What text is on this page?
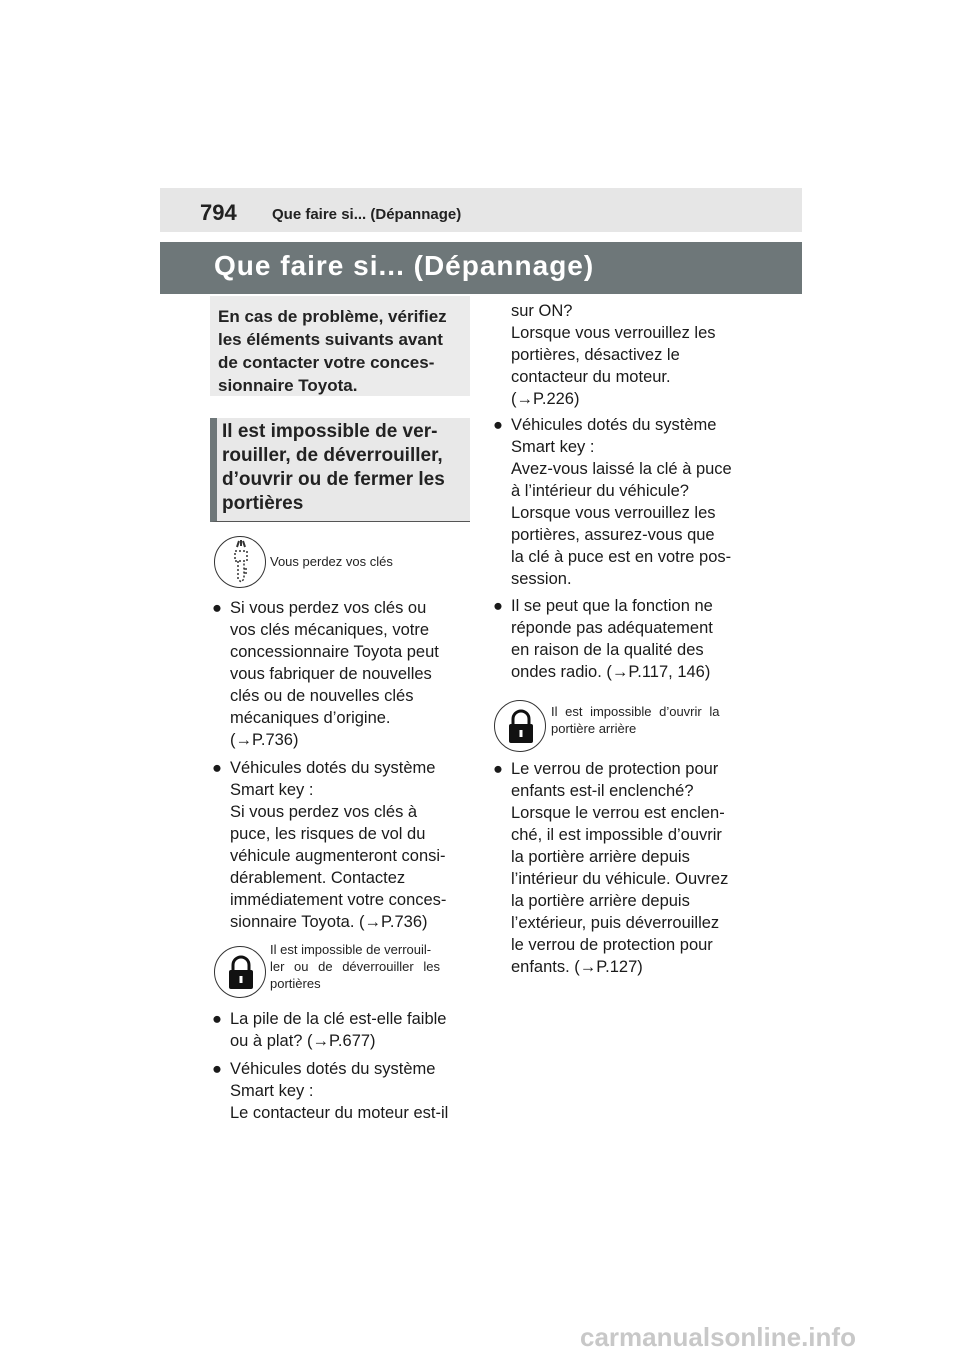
794 Que faire si... (Dépannage)
Que faire si... (Dépannage)
En cas de problème, vérifiez
les éléments suivants avant
de contacter votre conces-
sionnaire Toyota.
Il est impossible de ver-
rouiller, de déverrouiller,
d’ouvrir ou de fermer les
portières
Vous perdez vos clés
● Si vous perdez vos clés ou
vos clés mécaniques, votre
concessionnaire Toyota peut
vous fabriquer de nouvelles
clés ou de nouvelles clés
mécaniques d’origine.
(→P.736)
● Véhicules dotés du système
Smart key :
Si vous perdez vos clés à
puce, les risques de vol du
véhicule augmenteront consi-
dérablement. Contactez
immédiatement votre conces-
sionnaire Toyota. (→P.736)
Il est impossible de verrouil-
ler ou de déverrouiller les
portières
● La pile de la clé est-elle faible
ou à plat? (→P.677)
● Véhicules dotés du système
Smart key :
Le contacteur du moteur est-il
sur ON?
Lorsque vous verrouillez les
portières, désactivez le
contacteur du moteur.
(→P.226)
● Véhicules dotés du système
Smart key :
Avez-vous laissé la clé à puce
à l’intérieur du véhicule?
Lorsque vous verrouillez les
portières, assurez-vous que
la clé à puce est en votre pos-
session.
● Il se peut que la fonction ne
réponde pas adéquatement
en raison de la qualité des
ondes radio. (→P.117, 146)
Il est impossible d’ouvrir la
portière arrière
● Le verrou de protection pour
enfants est-il enclenché?
Lorsque le verrou est enclen-
ché, il est impossible d’ouvrir
la portière arrière depuis
l’intérieur du véhicule. Ouvrez
la portière arrière depuis
l’extérieur, puis déverrouillez
le verrou de protection pour
enfants. (→P.127)
carmanualsonline.info
